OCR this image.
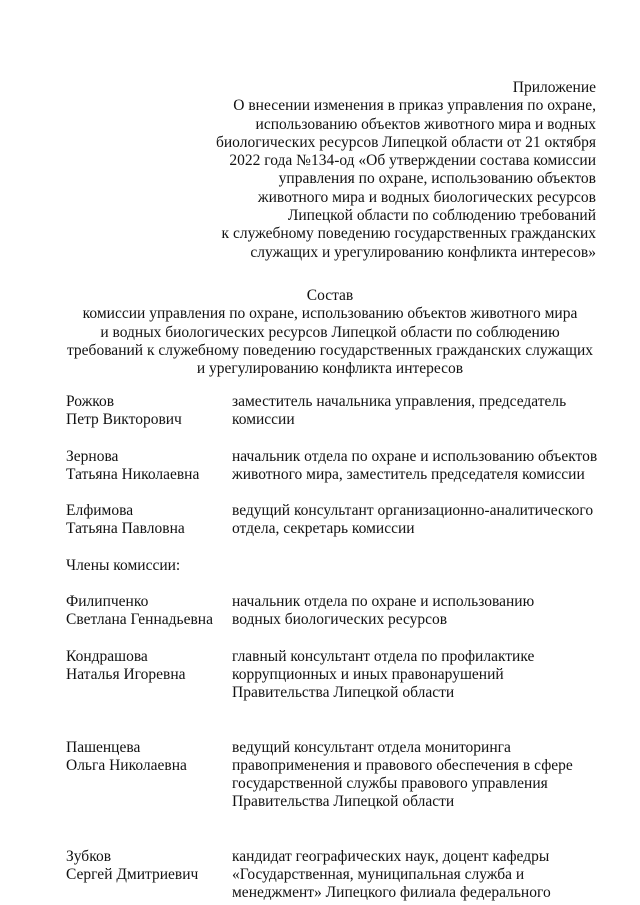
Приложение
О внесении изменения в приказ управления по охране,
использованию объектов животного мира и водных
биологических ресурсов Липецкой области от 21 октября
2022 года №134-од «Об утверждении состава комиссии
управления по охране, использованию объектов
животного мира и водных биологических ресурсов
Липецкой области по соблюдению требований
к служебному поведению государственных гражданских
служащих и урегулированию конфликта интересов»
Состав
комиссии управления по охране, использованию объектов животного мира
и водных биологических ресурсов Липецкой области по соблюдению
требований к служебному поведению государственных гражданских служащих
и урегулированию конфликта интересов
Рожков
Петр Викторович
заместитель начальника управления, председатель
комиссии
Зернова
Татьяна Николаевна
начальник отдела по охране и использованию объектов
животного мира, заместитель председателя комиссии
Елфимова
Татьяна Павловна
ведущий консультант организационно-аналитического
отдела, секретарь комиссии
Члены комиссии:
Филипченко
Светлана Геннадьевна
начальник отдела по охране и использованию
водных биологических ресурсов
Кондрашова
Наталья Игоревна
главный консультант отдела по профилактике
коррупционных и иных правонарушений
Правительства Липецкой области
Пашенцева
Ольга Николаевна
ведущий консультант отдела мониторинга
правоприменения и правового обеспечения в сфере
государственной службы правового управления
Правительства Липецкой области
Зубков
Сергей Дмитриевич
кандидат географических наук, доцент кафедры
«Государственная, муниципальная служба и
менеджмент» Липецкого филиала федерального
